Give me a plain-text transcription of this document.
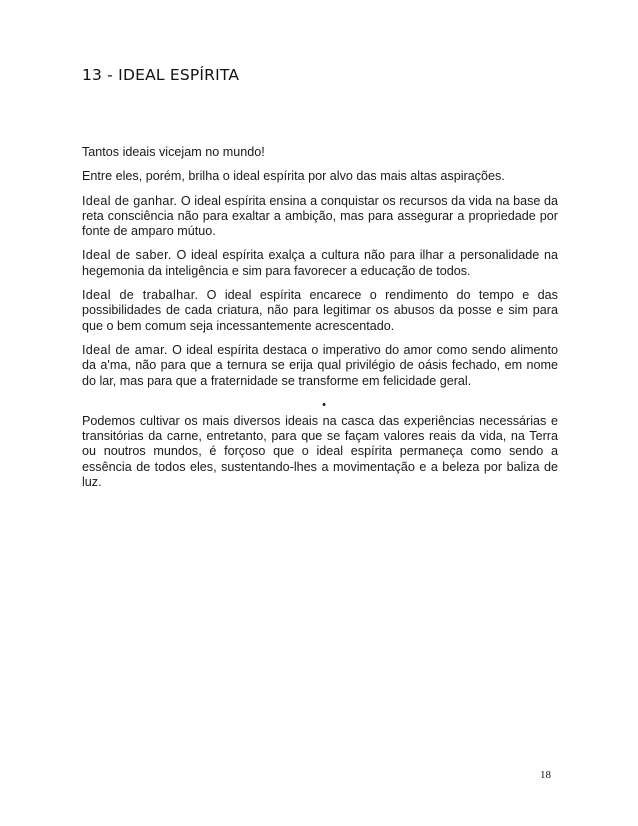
13 - IDEAL ESPÍRITA

Tantos ideais vicejam no mundo!

Entre eles, porém, brilha o ideal espírita por alvo das mais altas aspirações.

Ideal de ganhar. O ideal espírita ensina a conquistar os recursos da vida na base da reta consciência não para exaltar a ambição, mas para assegurar a propriedade por fonte de amparo mútuo.

Ideal de saber. O ideal espírita exalça a cultura não para ilhar a personalidade na hegemonia da inteligência e sim para favorecer a educação de todos.

Ideal de trabalhar. O ideal espírita encarece o rendimento do tempo e das possibilidades de cada criatura, não para legitimar os abusos da posse e sim para que o bem comum seja incessantemente acrescentado.

Ideal de amar. O ideal espírita destaca o imperativo do amor como sendo alimento da a'ma, não para que a ternura se erija qual privilégio de oásis fechado, em nome do lar, mas para que a fraternidade se transforme em felicidade geral.

•

Podemos cultivar os mais diversos ideais na casca das experiências necessárias e transitórias da carne, entretanto, para que se façam valores reais da vida, na Terra ou noutros mundos, é forçoso que o ideal espírita permaneça como sendo a essência de todos eles, sustentando-lhes a movimentação e a beleza por baliza de luz.

18
